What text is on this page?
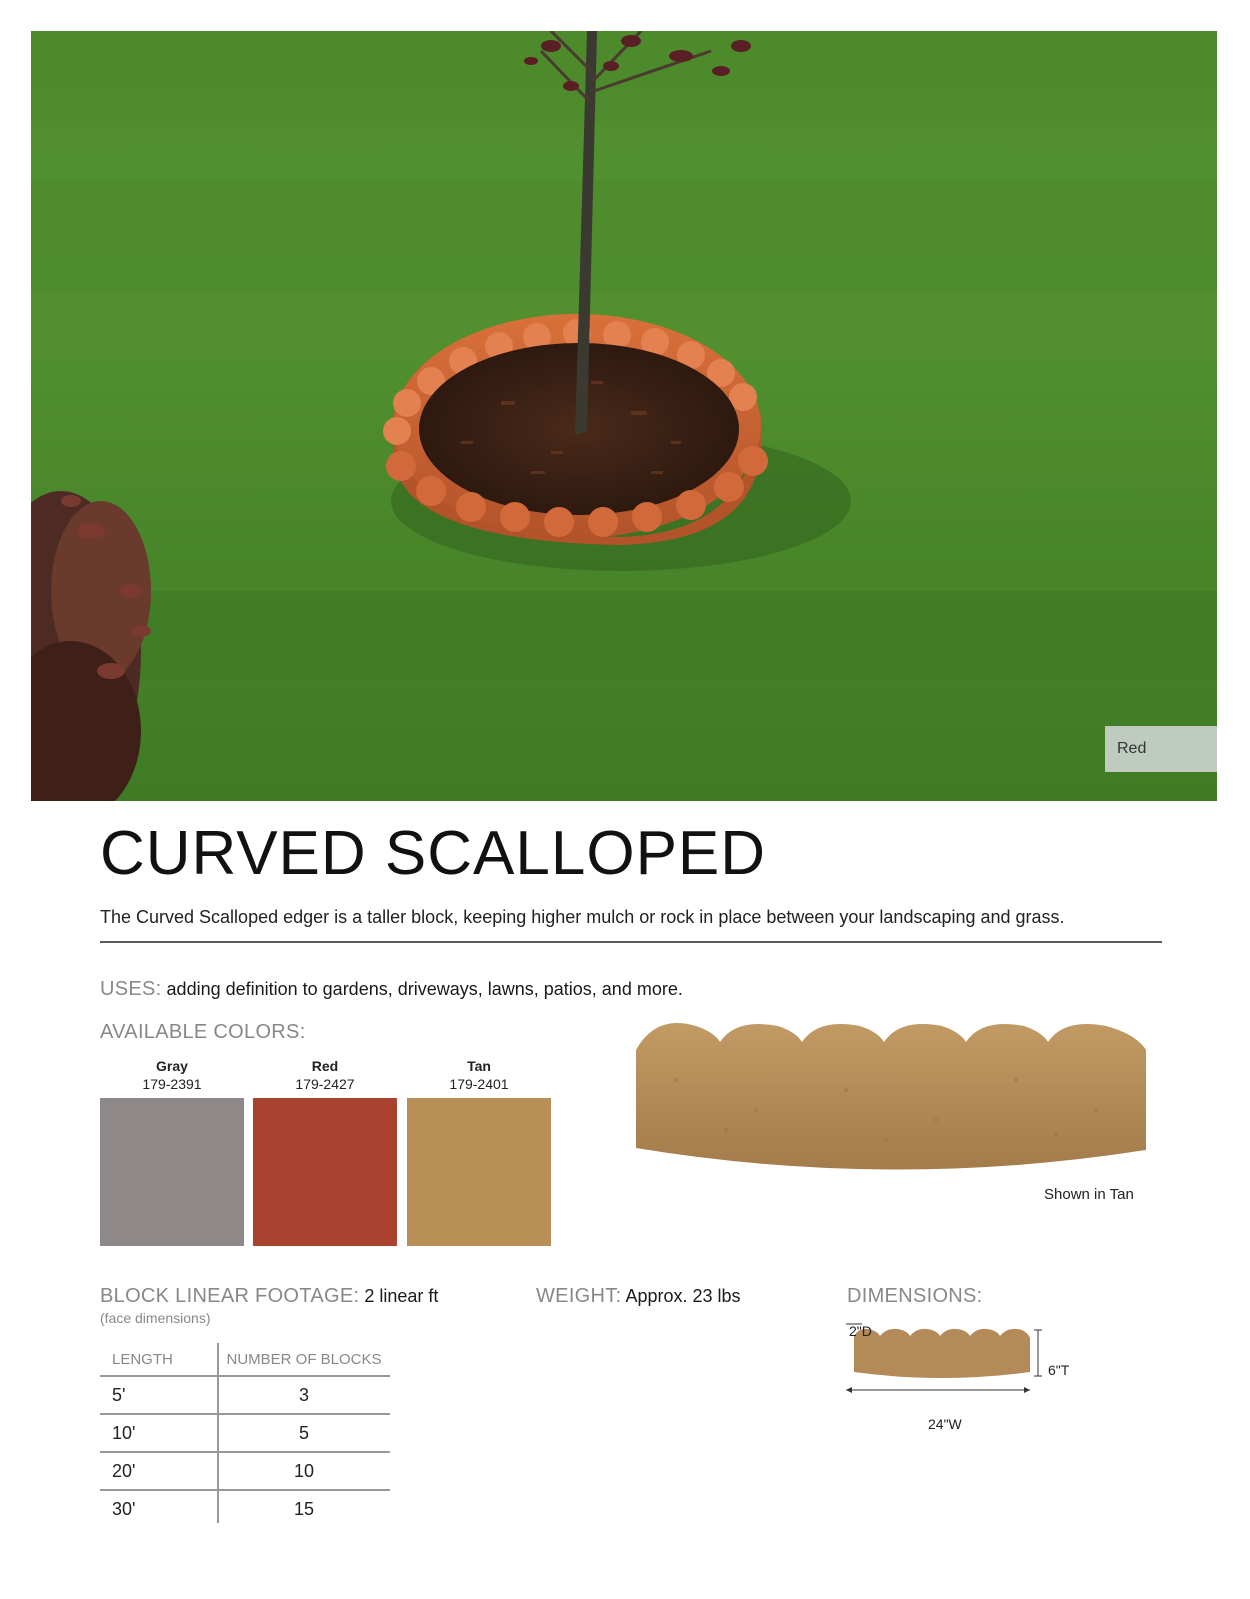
Red
CURVED SCALLOPED
The Curved Scalloped edger is a taller block, keeping higher mulch or rock in place between your landscaping and grass.
USES: adding definition to gardens, driveways, lawns, patios, and more.
AVAILABLE COLORS:
Gray
179-2391
Red
179-2427
Tan
179-2401
Shown in Tan
BLOCK LINEAR FOOTAGE: 2 linear ft
(face dimensions)
WEIGHT: Approx. 23 lbs	DIMENSIONS:
LENGTH	NUMBER OF BLOCKS
5'	3
10'	5
20'	10
30'	15
2"D
6"T
24"W
